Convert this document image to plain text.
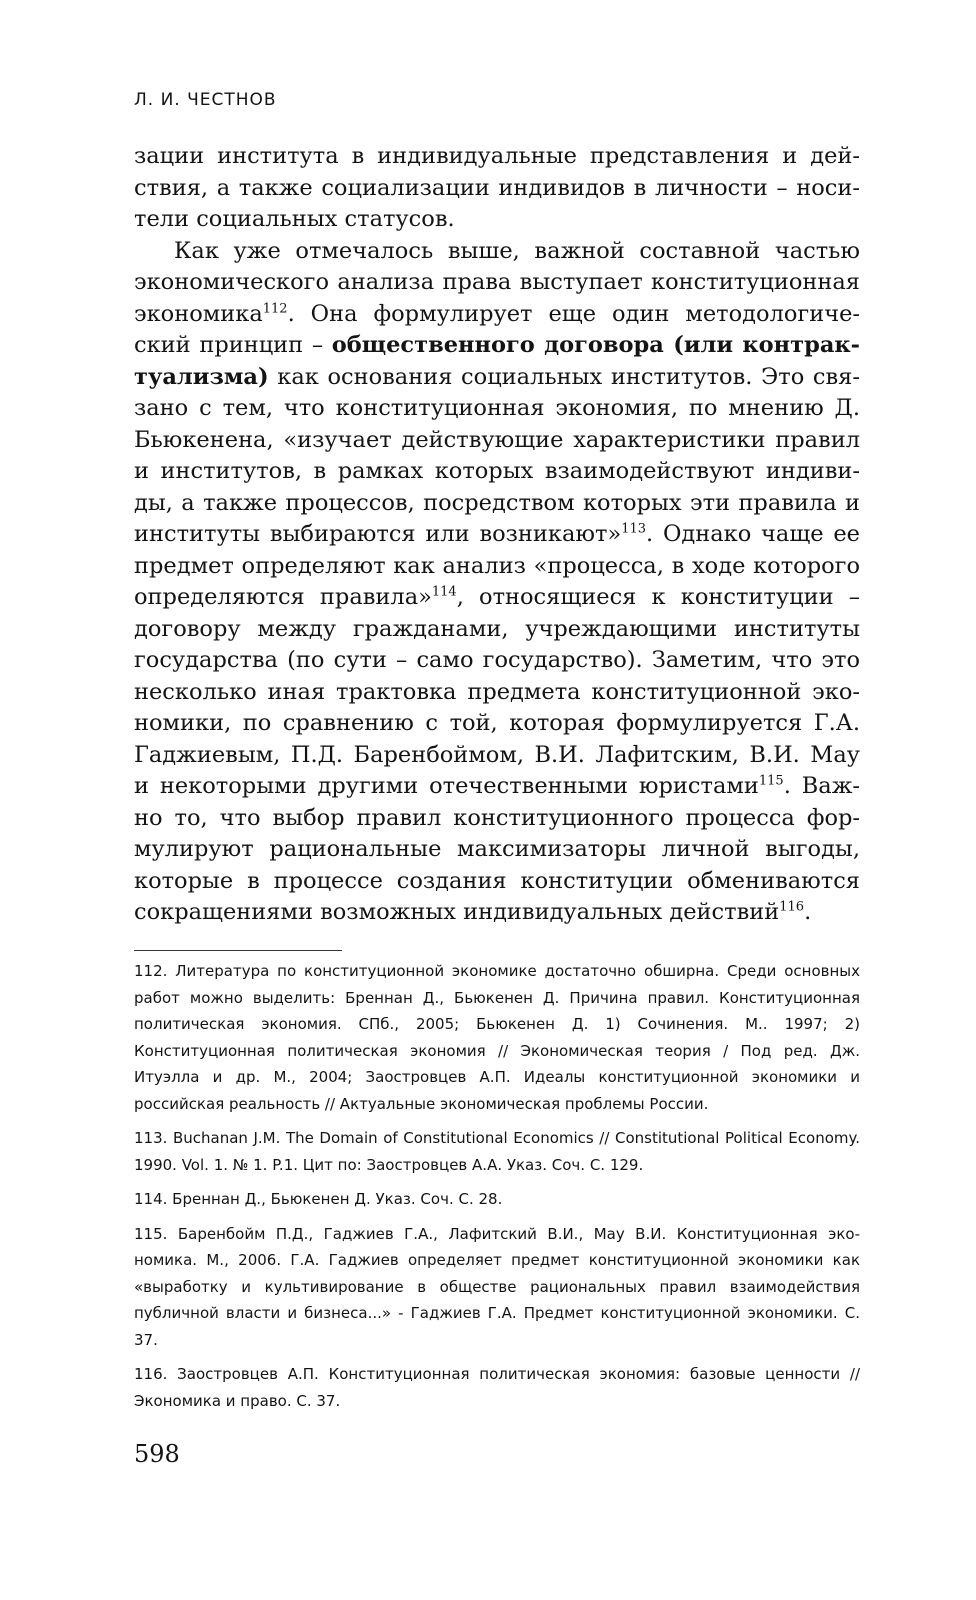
Л. И. ЧЕСТНОВ

зации института в индивидуальные представления и действия, а также социализации индивидов в личности – носители социальных статусов.

Как уже отмечалось выше, важной составной частью экономического анализа права выступает конституционная экономика$^{112}$. Она формулирует еще один методологический принцип – общественного договора (или контрактуализма) как основания социальных институтов. Это связано с тем, что конституционная экономия, по мнению Д. Бьюкенена, «изучает действующие характеристики правил и институтов, в рамках которых взаимодействуют индивиды, а также процессов, посредством которых эти правила и институты выбираются или возникают»$^{113}$. Однако чаще ее предмет определяют как анализ «процесса, в ходе которого определяются правила»$^{114}$, относящиеся к конституции – договору между гражданами, учреждающими институты государства (по сути – само государство). Заметим, что это несколько иная трактовка предмета конституционной экономики, по сравнению с той, которая формулируется Г.А. Гаджиевым, П.Д. Баренбоймом, В.И. Лафитским, В.И. Мау и некоторыми другими отечественными юристами$^{115}$. Важно то, что выбор правил конституционного процесса формулируют рациональные максимизаторы личной выгоды, которые в процессе создания конституции обмениваются сокращениями возможных индивидуальных действий$^{116}$.

112. Литература по конституционной экономике достаточно обширна. Среди основных работ можно выделить: Бреннан Д., Бьюкенен Д. Причина правил. Конституционная политическая экономия. СПб., 2005; Бьюкенен Д. 1) Сочинения. М.. 1997; 2) Конституционная политическая экономия // Экономическая теория / Под ред. Дж. Итуэлла и др. М., 2004; Заостровцев А.П. Идеалы конституционной экономики и российская реальность // Актуальные экономическая проблемы России.

113. Buchanan J.M. The Domain of Constitutional Economics // Constitutional Political Economy. 1990. Vol. 1. № 1. P.1. Цит по: Заостровцев А.А. Указ. Соч. С. 129.

114. Бреннан Д., Бьюкенен Д. Указ. Соч. С. 28.

115. Баренбойм П.Д., Гаджиев Г.А., Лафитский В.И., Мау В.И. Конституционная экономика. М., 2006. Г.А. Гаджиев определяет предмет конституционной экономики как «выработку и культивирование в обществе рациональных правил взаимодействия публичной власти и бизнеса...» - Гаджиев Г.А. Предмет конституционной экономики. С. 37.

116. Заостровцев А.П. Конституционная политическая экономия: базовые ценности //Экономика и право. С. 37.

598
